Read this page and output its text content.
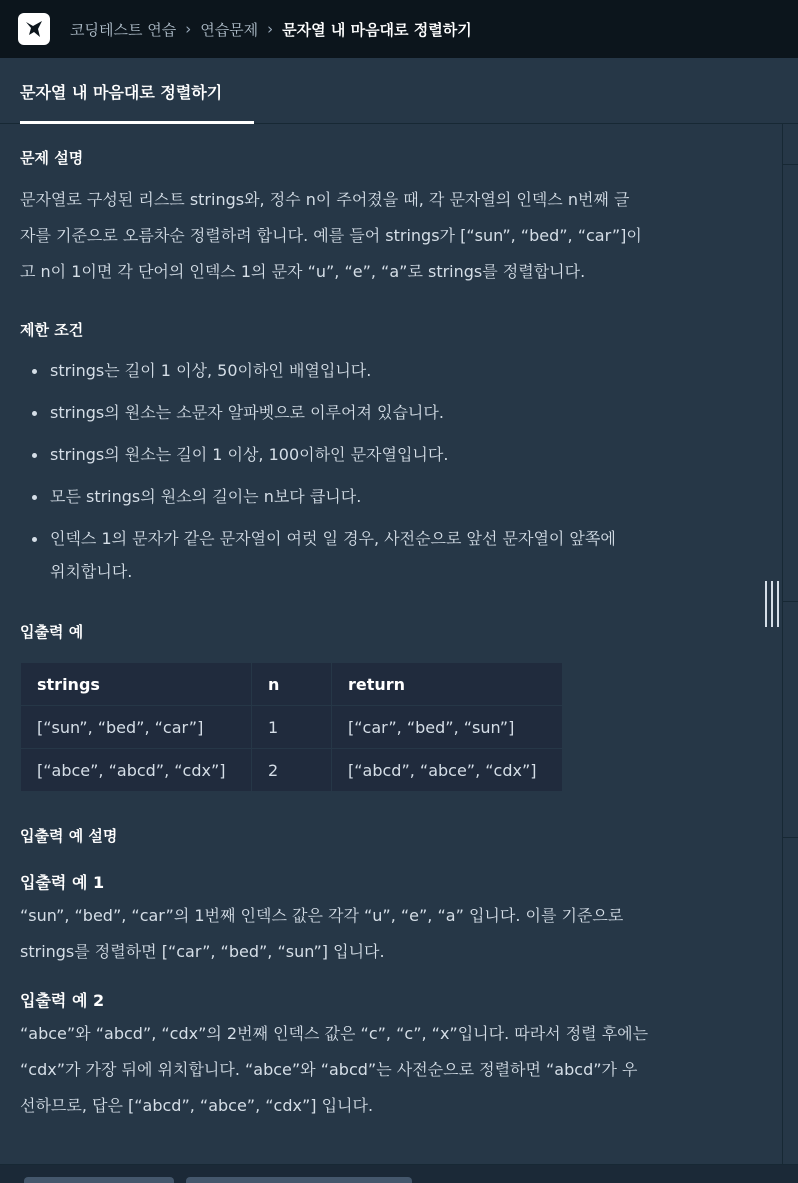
코딩테스트 연습 › 연습문제 › 문자열 내 마음대로 정렬하기
문자열 내 마음대로 정렬하기
문제 설명

문자열로 구성된 리스트 strings와, 정수 n이 주어졌을 때, 각 문자열의 인덱스 n번째 글
자를 기준으로 오름차순 정렬하려 합니다. 예를 들어 strings가 [“sun”, “bed”, “car”]이
고 n이 1이면 각 단어의 인덱스 1의 문자 “u”, “e”, “a”로 strings를 정렬합니다.

제한 조건
strings는 길이 1 이상, 50이하인 배열입니다.
strings의 원소는 소문자 알파벳으로 이루어져 있습니다.
strings의 원소는 길이 1 이상, 100이하인 문자열입니다.
모든 strings의 원소의 길이는 n보다 큽니다.
인덱스 1의 문자가 같은 문자열이 여럿 일 경우, 사전순으로 앞선 문자열이 앞쪽에
위치합니다.
입출력 예
strings	n	return
[“sun”, “bed”, “car”]	1	[“car”, “bed”, “sun”]
[“abce”, “abcd”, “cdx”]	2	[“abcd”, “abce”, “cdx”]
입출력 예 설명
입출력 예 1

“sun”, “bed”, “car”의 1번째 인덱스 값은 각각 “u”, “e”, “a” 입니다. 이를 기준으로
strings를 정렬하면 [“car”, “bed”, “sun”] 입니다.

입출력 예 2

“abce”와 “abcd”, “cdx”의 2번째 인덱스 값은 “c”, “c”, “x”입니다. 따라서 정렬 후에는
“cdx”가 가장 뒤에 위치합니다. “abce”와 “abcd”는 사전순으로 정렬하면 “abcd”가 우
선하므로, 답은 [“abcd”, “abce”, “cdx”] 입니다.
